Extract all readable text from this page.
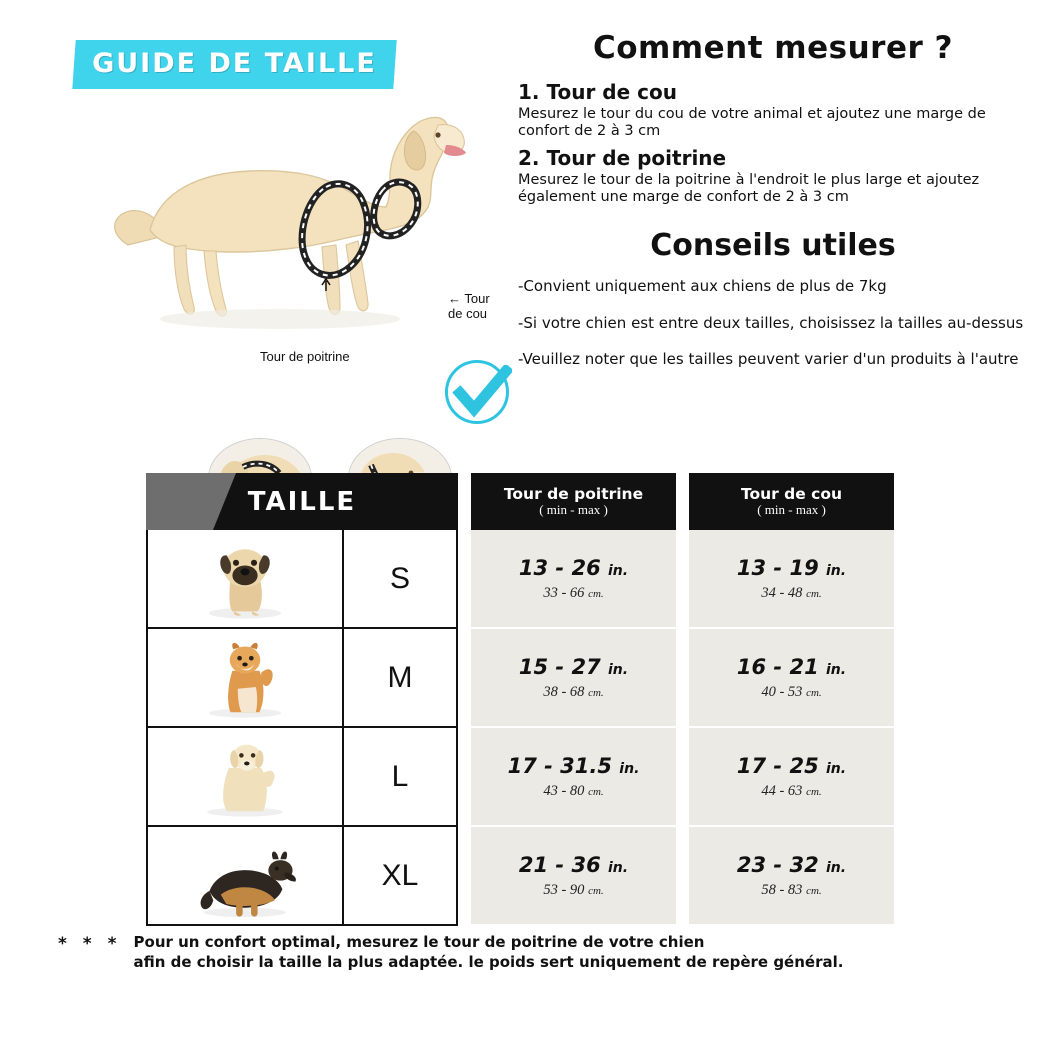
GUIDE DE TAILLE
← Tour de cou
Tour de poitrine
Comment mesurer ?
1. Tour de cou

Mesurez le tour du cou de votre animal et ajoutez une marge de confort de 2 à 3 cm

2. Tour de poitrine

Mesurez le tour de la poitrine à l'endroit le plus large et ajoutez également une marge de confort de 2 à 3 cm

Conseils utiles

-Convient uniquement aux chiens de plus de 7kg

-Si votre chien est entre deux tailles, choisissez la tailles au-dessus

-Veuillez noter que les tailles peuvent varier d'un produits à l'autre

TAILLE
S
M
L
XL
Tour de poitrine
( min - max )
13 - 26 in.
33 - 66 cm.
15 - 27 in.
38 - 68 cm.
17 - 31.5 in.
43 - 80 cm.
21 - 36 in.
53 - 90 cm.
Tour de cou
( min - max )
13 - 19 in.
34 - 48 cm.
16 - 21 in.
40 - 53 cm.
17 - 25 in.
44 - 63 cm.
23 - 32 in.
58 - 83 cm.
* * * Pour un confort optimal, mesurez le tour de poitrine de votre chien
afin de choisir la taille la plus adaptée. le poids sert uniquement de repère général.
